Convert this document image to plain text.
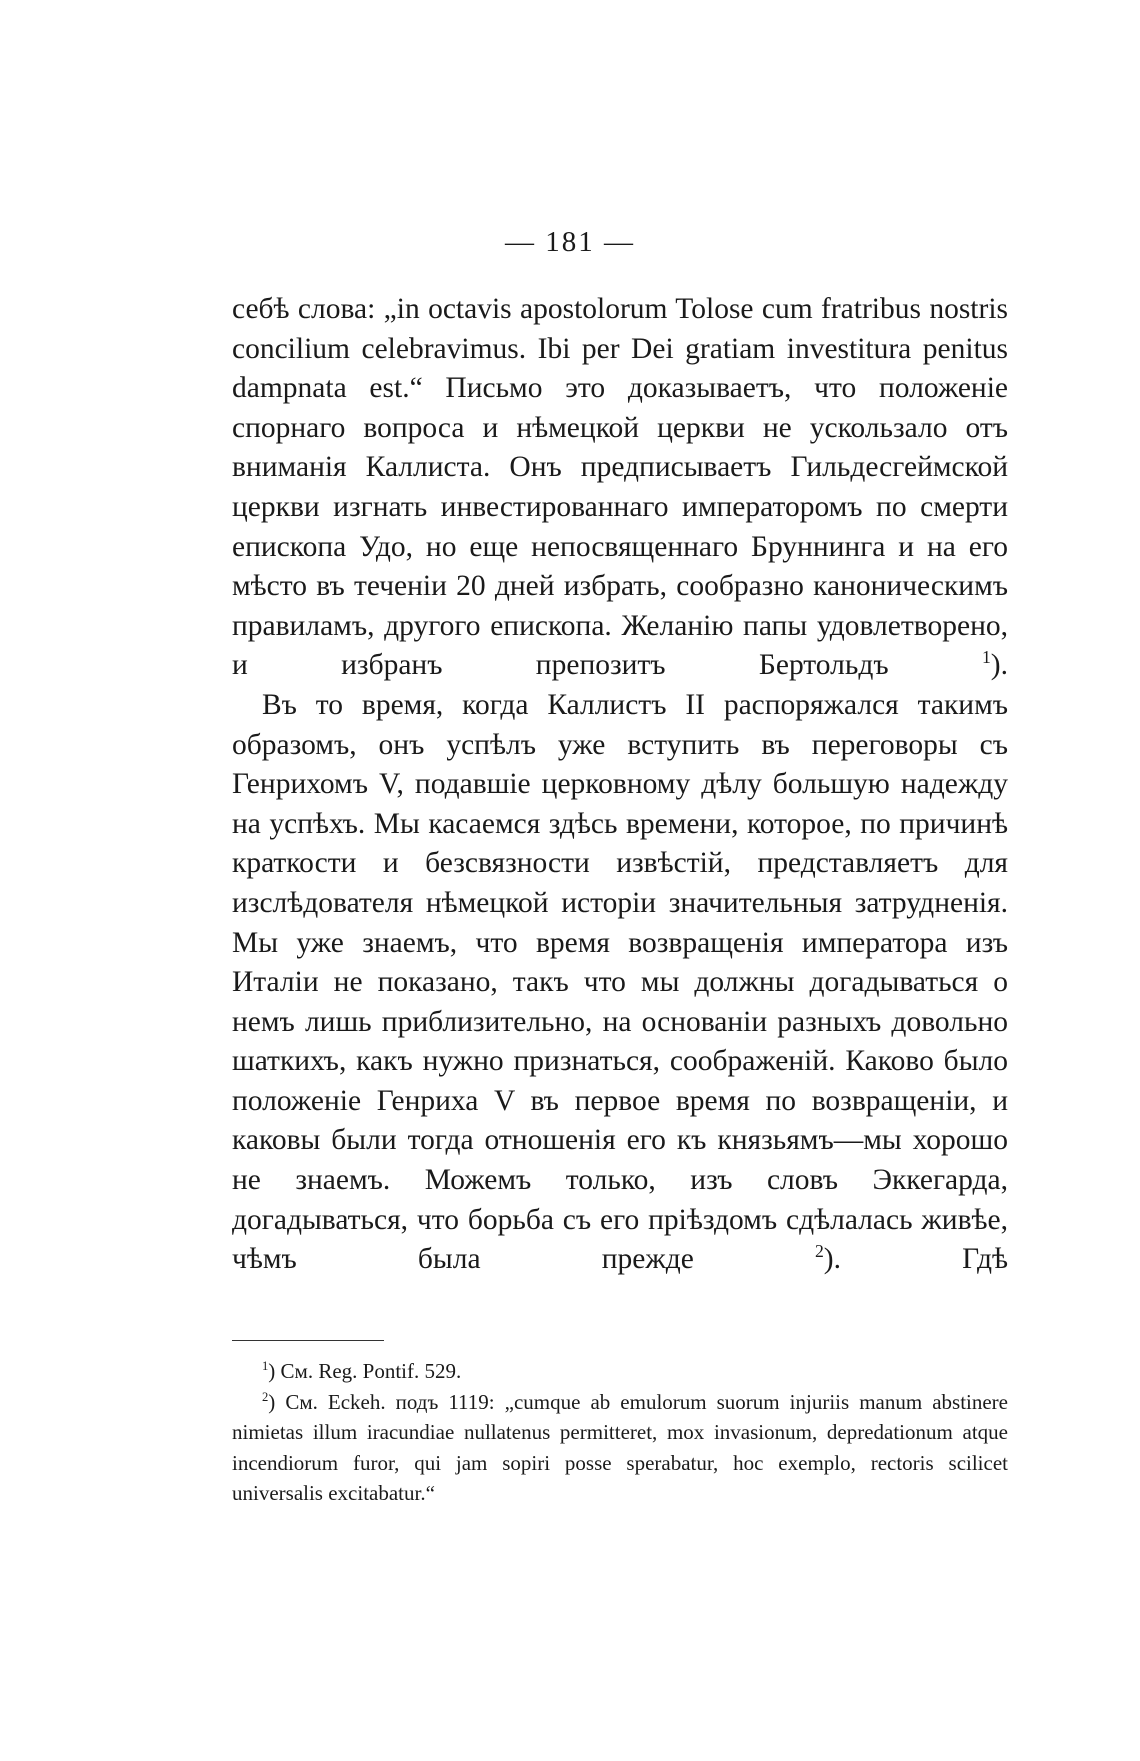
— 181 —

себѣ слова: „in octavis apostolorum Tolose cum fratribus nostris concilium celebravimus. Ibi per Dei gratiam investitura penitus dampnata est.“ Письмо это доказываетъ, что положеніе спорнаго вопроса и нѣмецкой церкви не ускользало отъ вниманія Каллиста. Онъ предписываетъ Гильдесгеймской церкви изгнать инвестированнаго императоромъ по смерти епископа Удо, но еще непосвященнаго Бруннинга и на его мѣсто въ теченіи 20 дней избрать, сообразно каноническимъ правиламъ, другого епископа. Желанію папы удовлетворено, и избранъ препозитъ Бертольдъ	$^1$).

Въ то время, когда Каллистъ II распоряжался такимъ образомъ, онъ успѣлъ уже вступить въ переговоры съ Генрихомъ V, подавшіе церковному дѣлу большую надежду на успѣхъ. Мы касаемся здѣсь времени, которое, по причинѣ краткости и безсвязности извѣстій, представляетъ для изслѣдователя нѣмецкой исторіи значительныя затрудненія. Мы уже знаемъ, что время возвращенія императора изъ Италіи не показано, такъ что мы должны догадываться о немъ лишь приблизительно, на основаніи разныхъ довольно шаткихъ, какъ нужно признаться, соображеній. Каково было положеніе Генриха V въ первое время по возвращеніи, и каковы были тогда отношенія его къ князьямъ—мы хорошо не знаемъ. Можемъ только, изъ словъ Эккегарда, догадываться, что борьба съ его пріѣздомъ сдѣлалась живѣе, чѣмъ была прежде	$^2$). Гдѣ

$^1$) См. Reg. Pontif. 529.

$^2$) См. Eckeh. подъ 1119: „cumque ab emulorum suorum injuriis manum abstinere nimietas illum iracundiae nullatenus permitteret, mox invasionum, depredationum atque incendiorum furor, qui jam sopiri posse sperabatur, hoc exemplo, rectoris scilicet universalis excitabatur.“
